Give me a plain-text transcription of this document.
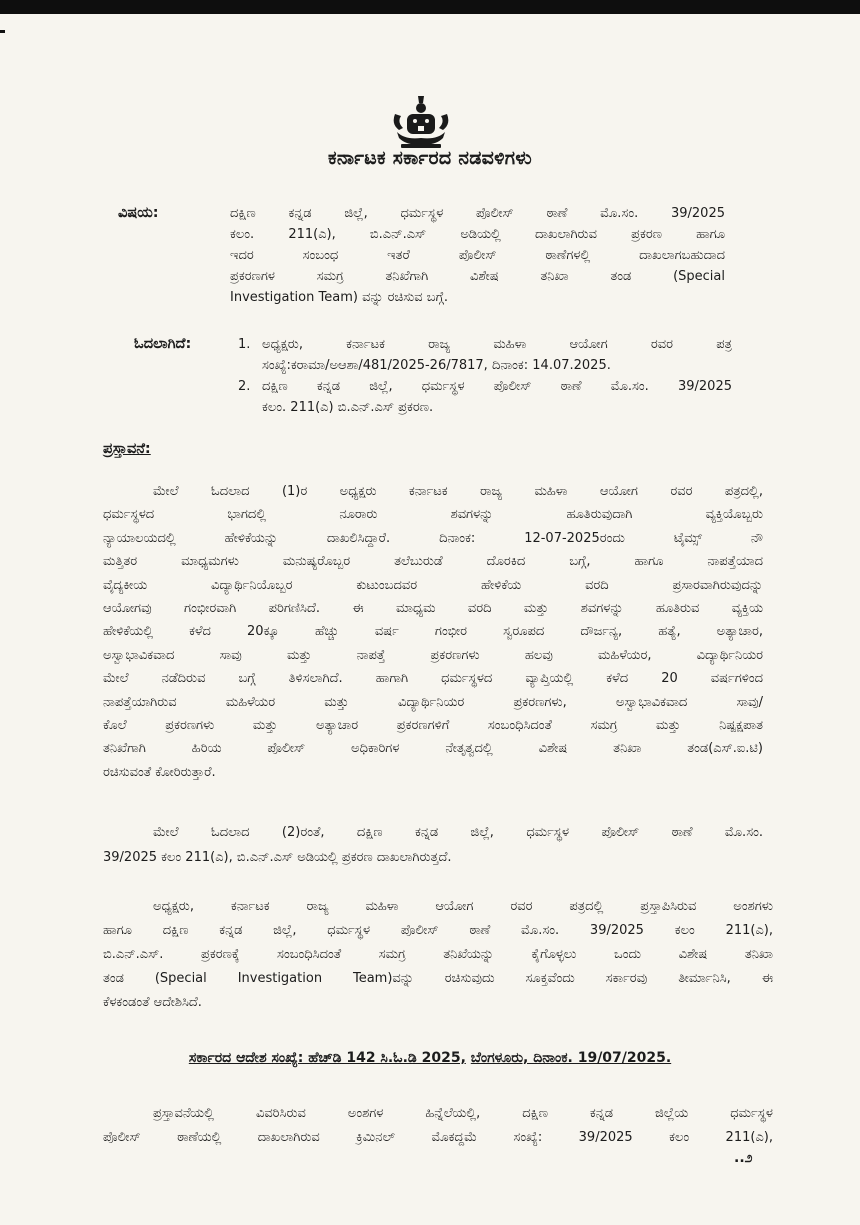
ಕರ್ನಾಟಕ ಸರ್ಕಾರದ ನಡವಳಿಗಳು
ವಿಷಯ:	ದಕ್ಷಿಣ ಕನ್ನಡ ಜಿಲ್ಲೆ, ಧರ್ಮಸ್ಥಳ ಪೊಲೀಸ್ ಠಾಣೆ ಮೊ.ಸಂ. 39/2025
ಕಲಂ. 211(ಎ), ಬಿ.ಎನ್.ಎಸ್ ಅಡಿಯಲ್ಲಿ ದಾಖಲಾಗಿರುವ ಪ್ರಕರಣ ಹಾಗೂ
ಇದರ ಸಂಬಂಧ ಇತರೆ ಪೊಲೀಸ್ ಠಾಣೆಗಳಲ್ಲಿ ದಾಖಲಾಗಬಹುದಾದ
ಪ್ರಕರಣಗಳ ಸಮಗ್ರ ತನಿಖೆಗಾಗಿ ವಿಶೇಷ ತನಿಖಾ ತಂಡ (Special
Investigation Team) ವನ್ನು ರಚಿಸುವ ಬಗ್ಗೆ.
ಓದಲಾಗಿದೆ:	1. ಅಧ್ಯಕ್ಷರು, ಕರ್ನಾಟಕ ರಾಜ್ಯ ಮಹಿಳಾ ಆಯೋಗ ರವರ ಪತ್ರ
ಸಂಖ್ಯೆ:ಕರಾಮಾ/ಅಆಶಾ/481/2025-26/7817, ದಿನಾಂಕ: 14.07.2025.
2. ದಕ್ಷಿಣ ಕನ್ನಡ ಜಿಲ್ಲೆ, ಧರ್ಮಸ್ಥಳ ಪೊಲೀಸ್ ಠಾಣೆ ಮೊ.ಸಂ. 39/2025
ಕಲಂ. 211(ಎ) ಬಿ.ಎನ್.ಎಸ್ ಪ್ರಕರಣ.
ಪ್ರಸ್ತಾವನೆ:
ಮೇಲೆ ಓದಲಾದ (1)ರ ಅಧ್ಯಕ್ಷರು ಕರ್ನಾಟಕ ರಾಜ್ಯ ಮಹಿಳಾ ಆಯೋಗ ರವರ ಪತ್ರದಲ್ಲಿ,
ಧರ್ಮಸ್ಥಳದ ಭಾಗದಲ್ಲಿ ನೂರಾರು ಶವಗಳನ್ನು ಹೂತಿರುವುದಾಗಿ ವ್ಯಕ್ತಿಯೊಬ್ಬರು
ನ್ಯಾಯಾಲಯದಲ್ಲಿ ಹೇಳಿಕೆಯನ್ನು ದಾಖಲಿಸಿದ್ದಾರೆ. ದಿನಾಂಕ: 12-07-2025ರಂದು ಟೈಮ್ಸ್ ನೌ
ಮತ್ತಿತರ ಮಾಧ್ಯಮಗಳು ಮನುಷ್ಯರೊಬ್ಬರ ತಲೆಬುರುಡೆ ದೊರಕಿದ ಬಗ್ಗೆ, ಹಾಗೂ ನಾಪತ್ತೆಯಾದ
ವೈದ್ಯಕೀಯ ವಿದ್ಯಾರ್ಥಿನಿಯೊಬ್ಬರ ಕುಟುಂಬದವರ ಹೇಳಿಕೆಯ ವರದಿ ಪ್ರಸಾರವಾಗಿರುವುದನ್ನು
ಆಯೋಗವು ಗಂಭೀರವಾಗಿ ಪರಿಗಣಿಸಿದೆ. ಈ ಮಾಧ್ಯಮ ವರದಿ ಮತ್ತು ಶವಗಳನ್ನು ಹೂತಿರುವ ವ್ಯಕ್ತಿಯ
ಹೇಳಿಕೆಯಲ್ಲಿ ಕಳೆದ 20ಕ್ಕೂ ಹೆಚ್ಚು ವರ್ಷ ಗಂಭೀರ ಸ್ವರೂಪದ ದೌರ್ಜನ್ಯ, ಹತ್ಯೆ, ಅತ್ಯಾಚಾರ,
ಅಸ್ವಾಭಾವಿಕವಾದ ಸಾವು ಮತ್ತು ನಾಪತ್ತೆ ಪ್ರಕರಣಗಳು ಹಲವು ಮಹಿಳೆಯರ, ವಿದ್ಯಾರ್ಥಿನಿಯರ
ಮೇಲೆ ನಡೆದಿರುವ ಬಗ್ಗೆ ತಿಳಿಸಲಾಗಿದೆ. ಹಾಗಾಗಿ ಧರ್ಮಸ್ಥಳದ ವ್ಯಾಪ್ತಿಯಲ್ಲಿ ಕಳೆದ 20 ವರ್ಷಗಳಿಂದ
ನಾಪತ್ತೆಯಾಗಿರುವ ಮಹಿಳೆಯರ ಮತ್ತು ವಿದ್ಯಾರ್ಥಿನಿಯರ ಪ್ರಕರಣಗಳು, ಅಸ್ವಾಭಾವಿಕವಾದ ಸಾವು/
ಕೊಲೆ ಪ್ರಕರಣಗಳು ಮತ್ತು ಅತ್ಯಾಚಾರ ಪ್ರಕರಣಗಳಿಗೆ ಸಂಬಂಧಿಸಿದಂತೆ ಸಮಗ್ರ ಮತ್ತು ನಿಷ್ಪಕ್ಷಪಾತ
ತನಿಖೆಗಾಗಿ ಹಿರಿಯ ಪೊಲೀಸ್ ಅಧಿಕಾರಿಗಳ ನೇತೃತ್ವದಲ್ಲಿ ವಿಶೇಷ ತನಿಖಾ ತಂಡ(ಎಸ್.ಐ.ಟಿ)
ರಚಿಸುವಂತೆ ಕೋರಿರುತ್ತಾರೆ.
ಮೇಲೆ ಓದಲಾದ (2)ರಂತೆ, ದಕ್ಷಿಣ ಕನ್ನಡ ಜಿಲ್ಲೆ, ಧರ್ಮಸ್ಥಳ ಪೊಲೀಸ್ ಠಾಣೆ ಮೊ.ಸಂ.
39/2025 ಕಲಂ 211(ಎ), ಬಿ.ಎನ್.ಎಸ್ ಅಡಿಯಲ್ಲಿ ಪ್ರಕರಣ ದಾಖಲಾಗಿರುತ್ತದೆ.
ಅಧ್ಯಕ್ಷರು, ಕರ್ನಾಟಕ ರಾಜ್ಯ ಮಹಿಳಾ ಆಯೋಗ ರವರ ಪತ್ರದಲ್ಲಿ ಪ್ರಸ್ತಾಪಿಸಿರುವ ಅಂಶಗಳು
ಹಾಗೂ ದಕ್ಷಿಣ ಕನ್ನಡ ಜಿಲ್ಲೆ, ಧರ್ಮಸ್ಥಳ ಪೊಲೀಸ್ ಠಾಣೆ ಮೊ.ಸಂ. 39/2025 ಕಲಂ 211(ಎ),
ಬಿ.ಎನ್.ಎಸ್. ಪ್ರಕರಣಕ್ಕೆ ಸಂಬಂಧಿಸಿದಂತೆ ಸಮಗ್ರ ತನಿಖೆಯನ್ನು ಕೈಗೊಳ್ಳಲು ಒಂದು ವಿಶೇಷ ತನಿಖಾ
ತಂಡ (Special Investigation Team)ವನ್ನು ರಚಿಸುವುದು ಸೂಕ್ತವೆಂದು ಸರ್ಕಾರವು ತೀರ್ಮಾನಿಸಿ, ಈ
ಕೆಳಕಂಡಂತೆ ಆದೇಶಿಸಿದೆ.
ಸರ್ಕಾರದ ಆದೇಶ ಸಂಖ್ಯೆ: ಹೆಚ್‌ಡಿ 142 ಸಿ.ಓ.ಡಿ 2025, ಬೆಂಗಳೂರು, ದಿನಾಂಕ. 19/07/2025.
ಪ್ರಸ್ತಾವನೆಯಲ್ಲಿ ವಿವರಿಸಿರುವ ಅಂಶಗಳ ಹಿನ್ನೆಲೆಯಲ್ಲಿ, ದಕ್ಷಿಣ ಕನ್ನಡ ಜಿಲ್ಲೆಯ ಧರ್ಮಸ್ಥಳ
ಪೊಲೀಸ್ ಠಾಣೆಯಲ್ಲಿ ದಾಖಲಾಗಿರುವ ಕ್ರಿಮಿನಲ್ ಮೊಕದ್ದಮೆ ಸಂಖ್ಯೆ: 39/2025 ಕಲಂ 211(ಎ),
..೨
